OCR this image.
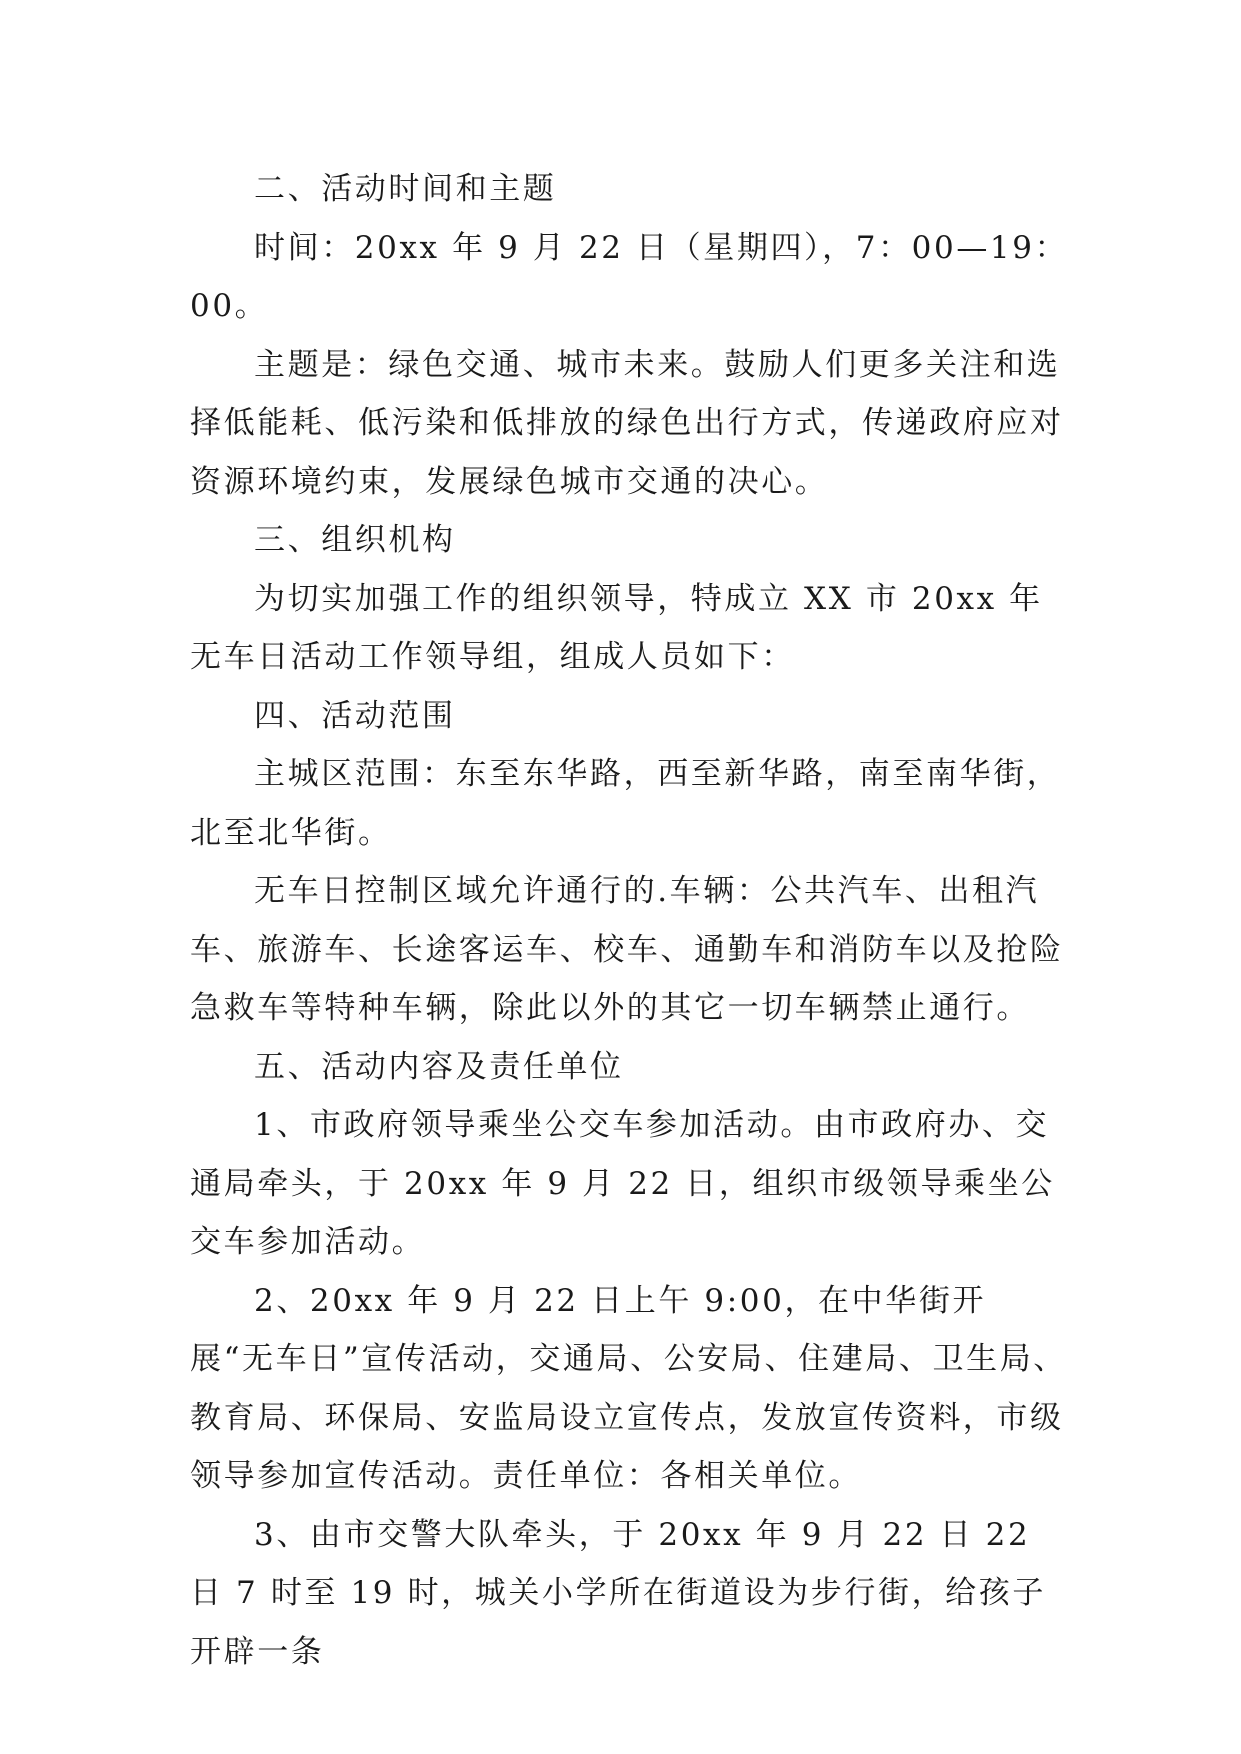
二、活动时间和主题

时间：20xx 年 9 月 22 日（星期四），7：00—19：00。

主题是：绿色交通、城市未来。鼓励人们更多关注和选择低能耗、低污染和低排放的绿色出行方式，传递政府应对资源环境约束，发展绿色城市交通的决心。

三、组织机构

为切实加强工作的组织领导，特成立 XX 市 20xx 年无车日活动工作领导组，组成人员如下：

四、活动范围

主城区范围：东至东华路，西至新华路，南至南华街，北至北华街。

无车日控制区域允许通行的.车辆：公共汽车、出租汽车、旅游车、长途客运车、校车、通勤车和消防车以及抢险急救车等特种车辆，除此以外的其它一切车辆禁止通行。

五、活动内容及责任单位

1、市政府领导乘坐公交车参加活动。由市政府办、交通局牵头，于 20xx 年 9 月 22 日，组织市级领导乘坐公交车参加活动。

2、20xx 年 9 月 22 日上午 9:00，在中华街开展“无车日”宣传活动，交通局、公安局、住建局、卫生局、教育局、环保局、安监局设立宣传点，发放宣传资料，市级领导参加宣传活动。责任单位：各相关单位。

3、由市交警大队牵头，于 20xx 年 9 月 22 日 22 日 7 时至 19 时，城关小学所在街道设为步行街，给孩子开辟一条
